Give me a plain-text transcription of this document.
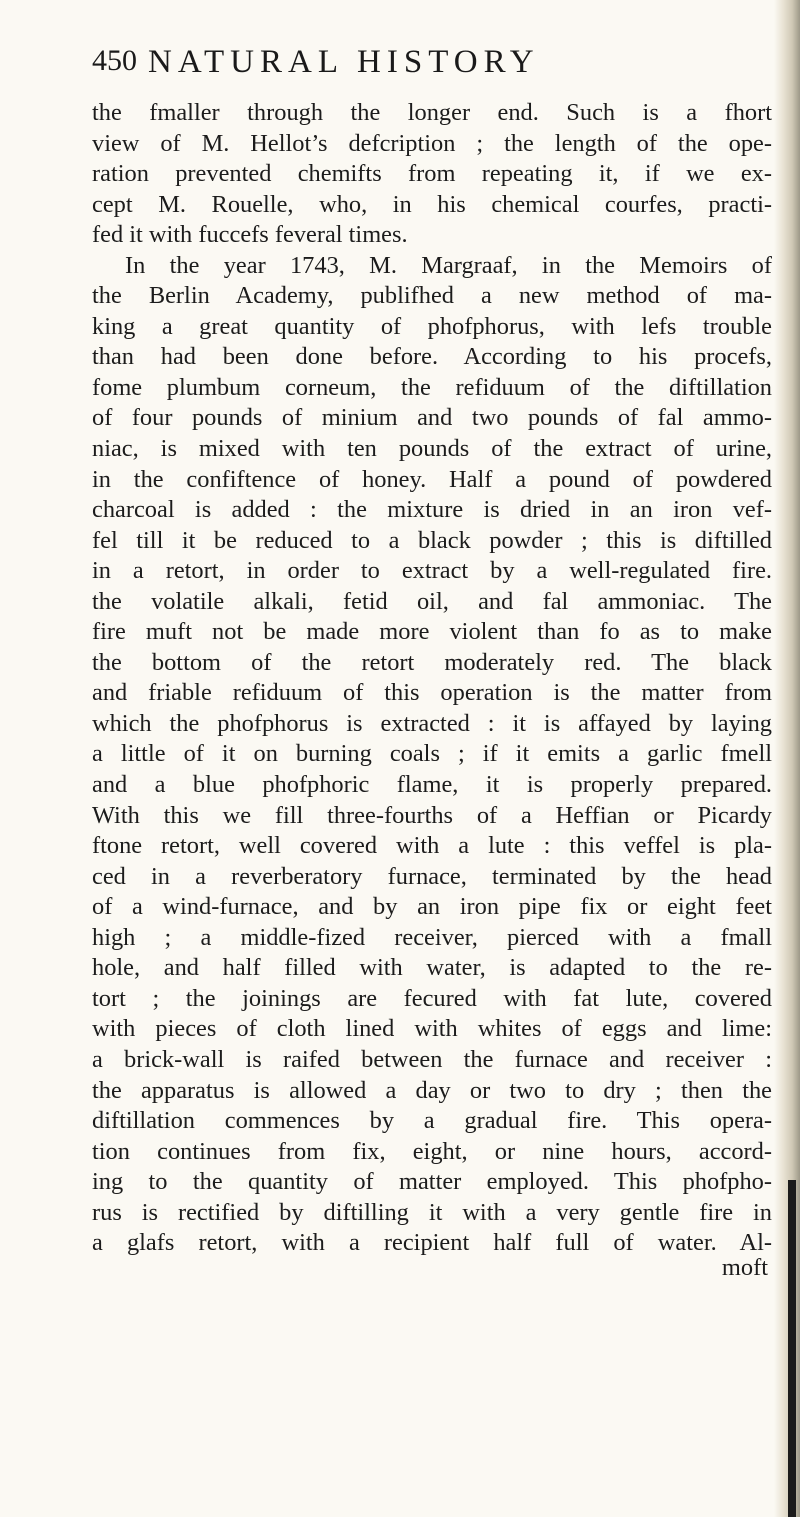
450 NATURAL HISTORY
the fmaller through the longer end. Such is a fhort
view of M. Hellot’s defcription ; the length of the ope-
ration prevented chemifts from repeating it, if we ex-
cept M. Rouelle, who, in his chemical courfes, practi-
fed it with fuccefs feveral times.
In the year 1743, M. Margraaf, in the Memoirs of
the Berlin Academy, publifhed a new method of ma-
king a great quantity of phofphorus, with lefs trouble
than had been done before. According to his procefs,
fome plumbum corneum, the refiduum of the diftillation
of four pounds of minium and two pounds of fal ammo-
niac, is mixed with ten pounds of the extract of urine,
in the confiftence of honey. Half a pound of powdered
charcoal is added : the mixture is dried in an iron vef-
fel till it be reduced to a black powder ; this is diftilled
in a retort, in order to extract by a well-regulated fire.
the volatile alkali, fetid oil, and fal ammoniac. The
fire muft not be made more violent than fo as to make
the bottom of the retort moderately red. The black
and friable refiduum of this operation is the matter from
which the phofphorus is extracted : it is affayed by laying
a little of it on burning coals ; if it emits a garlic fmell
and a blue phofphoric flame, it is properly prepared.
With this we fill three-fourths of a Heffian or Picardy
ftone retort, well covered with a lute : this veffel is pla-
ced in a reverberatory furnace, terminated by the head
of a wind-furnace, and by an iron pipe fix or eight feet
high ; a middle-fized receiver, pierced with a fmall
hole, and half filled with water, is adapted to the re-
tort ; the joinings are fecured with fat lute, covered
with pieces of cloth lined with whites of eggs and lime:
a brick-wall is raifed between the furnace and receiver :
the apparatus is allowed a day or two to dry ; then the
diftillation commences by a gradual fire. This opera-
tion continues from fix, eight, or nine hours, accord-
ing to the quantity of matter employed. This phofpho-
rus is rectified by diftilling it with a very gentle fire in
a glafs retort, with a recipient half full of water. Al-
moft
